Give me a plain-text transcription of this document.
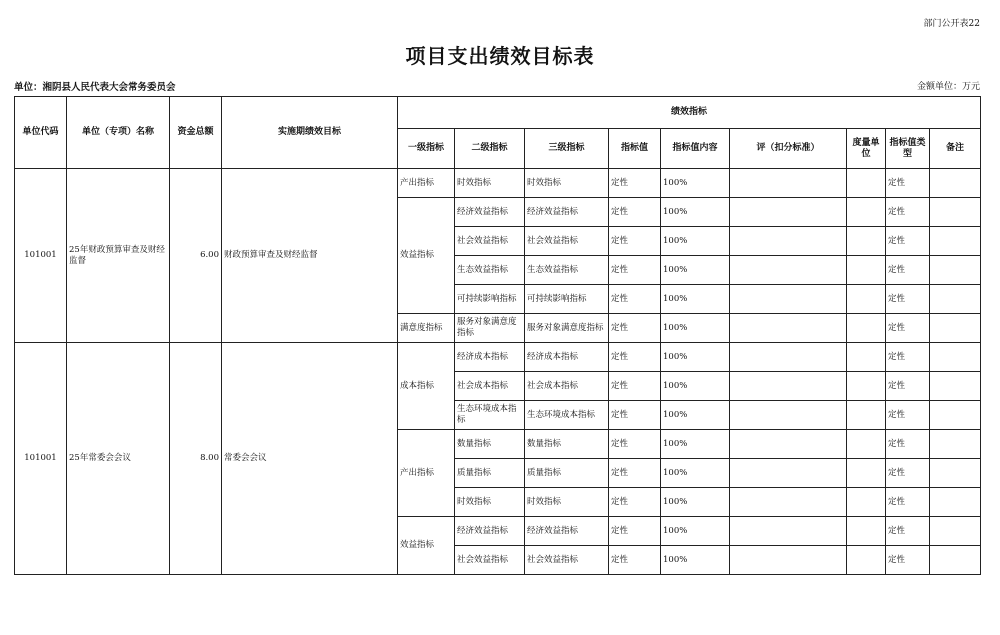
部门公开表22
项目支出绩效目标表
单位：湘阴县人民代表大会常务委员会	金额单位：万元
单位代码	单位（专项）名称	资金总额	实施期绩效目标	绩效指标								
				一级指标	二级指标	三级指标	指标值	指标值内容	评（扣分标准）	度量单位	指标值类型	备注
101001	25年财政预算审查及财经监督	6.00	财政预算审查及财经监督	产出指标	时效指标	时效指标	定性	100%			定性	
				效益指标	经济效益指标	经济效益指标	定性	100%			定性	
					社会效益指标	社会效益指标	定性	100%			定性	
					生态效益指标	生态效益指标	定性	100%			定性	
					可持续影响指标	可持续影响指标	定性	100%			定性	
				满意度指标	服务对象满意度指标	服务对象满意度指标	定性	100%			定性	
101001	25年常委会会议	8.00	常委会会议	成本指标	经济成本指标	经济成本指标	定性	100%			定性	
					社会成本指标	社会成本指标	定性	100%			定性	
					生态环境成本指标	生态环境成本指标	定性	100%			定性	
				产出指标	数量指标	数量指标	定性	100%			定性	
					质量指标	质量指标	定性	100%			定性	
					时效指标	时效指标	定性	100%			定性	
				效益指标	经济效益指标	经济效益指标	定性	100%			定性	
					社会效益指标	社会效益指标	定性	100%			定性	
